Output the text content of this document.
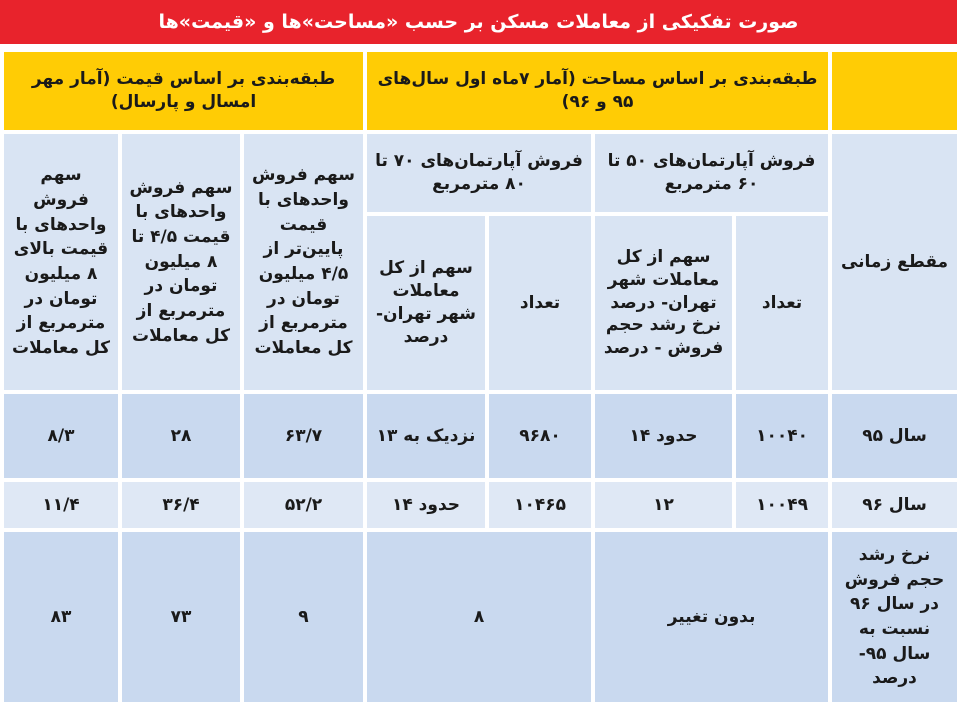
صورت تفکیکی از معاملات مسکن بر حسب «مساحت»ها و «قیمت»ها
	طبقه‌بندی بر اساس مساحت (آمار ۷ماه اول سال‌های ۹۵ و ۹۶)				طبقه‌بندی بر اساس قیمت (آمار مهر امسال و پارسال)		
مقطع زمانی	فروش آپارتمان‌های ۵۰ تا ۶۰ مترمربع		فروش آپارتمان‌های ۷۰ تا ۸۰ مترمربع		سهم فروش واحدهای با قیمت پایین‌تر از ۴/۵ میلیون تومان در مترمربع از کل معاملات	سهم فروش واحدهای با قیمت ۴/۵ تا ۸ میلیون تومان در مترمربع از کل معاملات	سهم فروش واحدهای با قیمت بالای ۸ میلیون تومان در مترمربع از کل معاملات
	تعداد	سهم از کل معاملات شهر تهران- درصد نرخ رشد حجم فروش - درصد	تعداد	سهم از کل معاملات شهر تهران- درصد			
سال ۹۵	۱۰۰۴۰	حدود ۱۴	۹۶۸۰	نزدیک به ۱۳	۶۳/۷	۲۸	۸/۳
سال ۹۶	۱۰۰۴۹	۱۲	۱۰۴۶۵	حدود ۱۴	۵۲/۲	۳۶/۴	۱۱/۴
نرخ رشد حجم فروش در سال ۹۶ نسبت به سال ۹۵-درصد	بدون تغییر		۸		۹	۷۳	۸۳
